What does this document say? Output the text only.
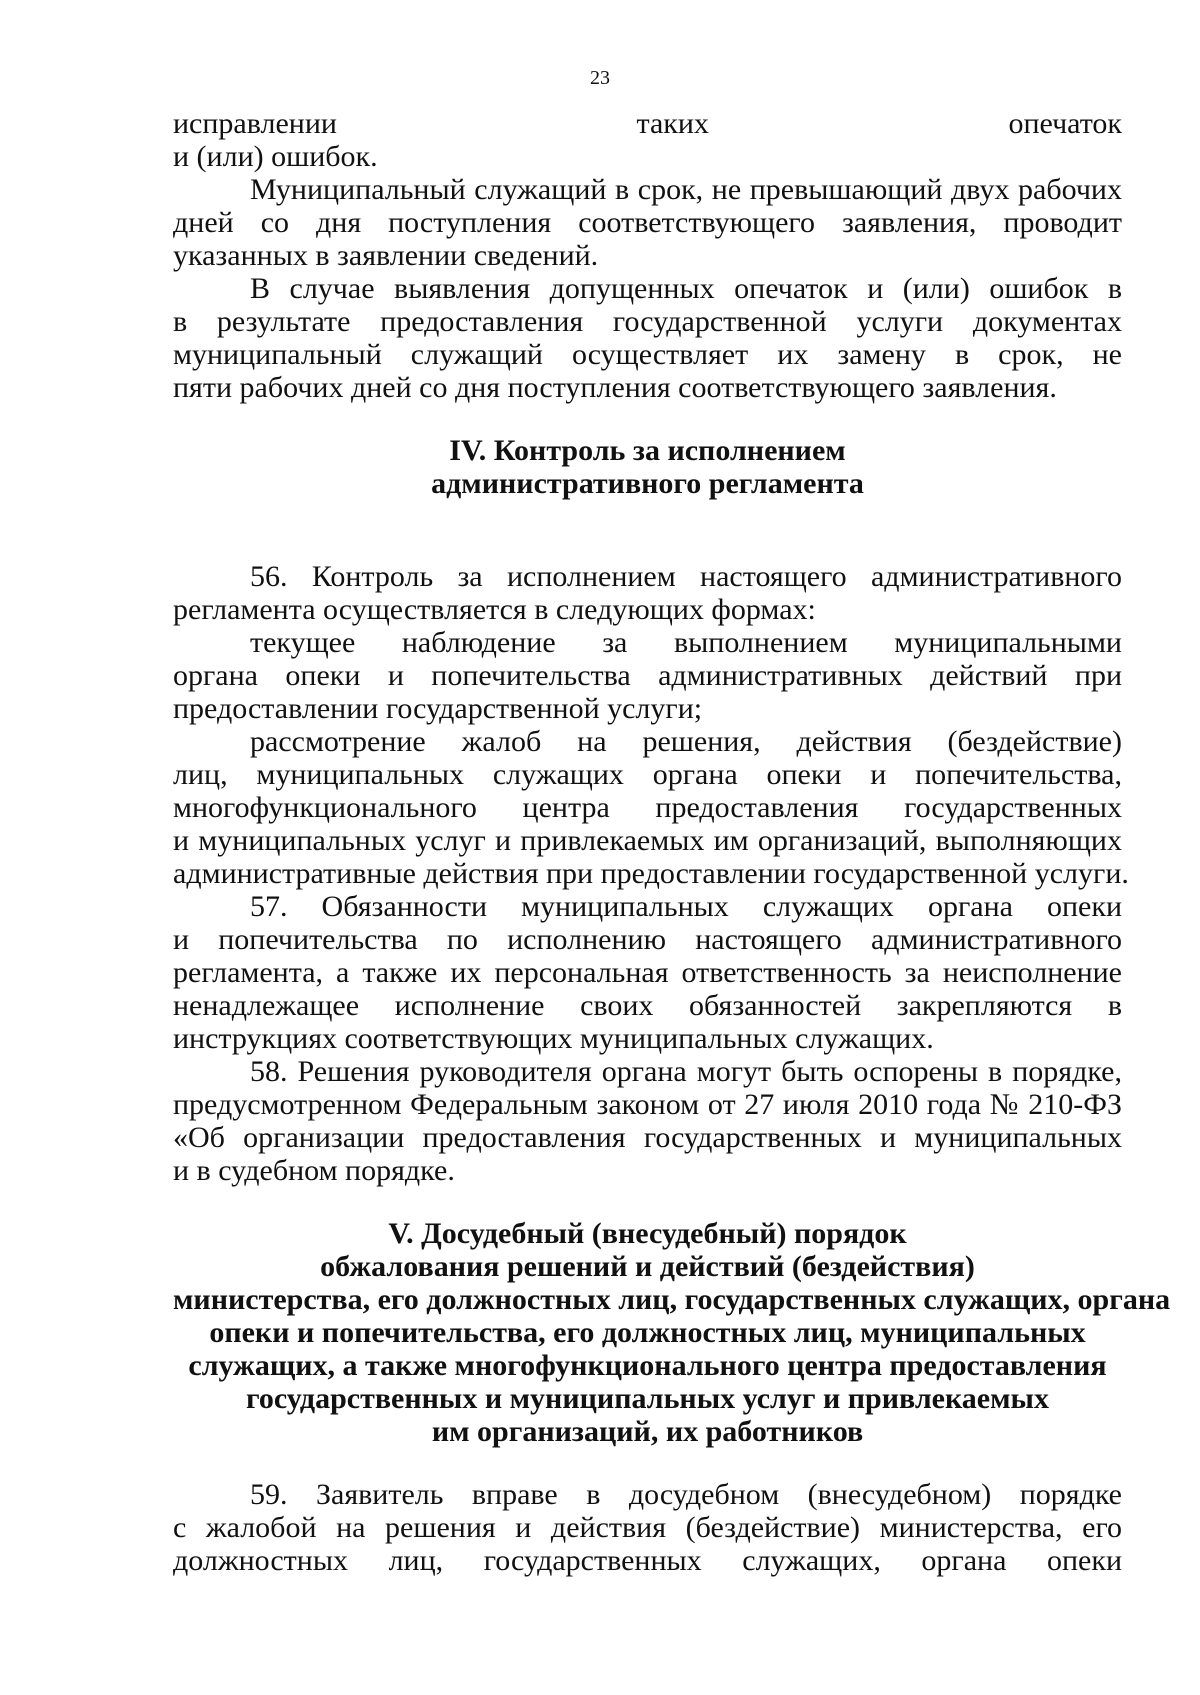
23
исправлении таких опечаток
и (или) ошибок.
Муниципальный служащий в срок, не превышающий двух рабочих
дней со дня поступления соответствующего заявления, проводит
указанных в заявлении сведений.
В случае выявления допущенных опечаток и (или) ошибок в
в результате предоставления государственной услуги документах
муниципальный служащий осуществляет их замену в срок, не
пяти рабочих дней со дня поступления соответствующего заявления.
IV. Контроль за исполнением
административного регламента
56. Контроль за исполнением настоящего административного
регламента осуществляется в следующих формах:
текущее наблюдение за выполнением муниципальными
органа опеки и попечительства административных действий при
предоставлении государственной услуги;
рассмотрение жалоб на решения, действия (бездействие)
лиц, муниципальных служащих органа опеки и попечительства,
многофункционального центра предоставления государственных
и муниципальных услуг и привлекаемых им организаций, выполняющих
административные действия при предоставлении государственной услуги.
57. Обязанности муниципальных служащих органа опеки
и попечительства по исполнению настоящего административного
регламента, а также их персональная ответственность за неисполнение
ненадлежащее исполнение своих обязанностей закрепляются в
инструкциях соответствующих муниципальных служащих.
58. Решения руководителя органа могут быть оспорены в порядке,
предусмотренном Федеральным законом от 27 июля 2010 года № 210-ФЗ
«Об организации предоставления государственных и муниципальных
и в судебном порядке.
V. Досудебный (внесудебный) порядок
обжалования решений и действий (бездействия)
министерства, его должностных лиц, государственных служащих, органа
опеки и попечительства, его должностных лиц, муниципальных
служащих, а также многофункционального центра предоставления
государственных и муниципальных услуг и привлекаемых
им организаций, их работников
59. Заявитель вправе в досудебном (внесудебном) порядке
с жалобой на решения и действия (бездействие) министерства, его
должностных лиц, государственных служащих, органа опеки
